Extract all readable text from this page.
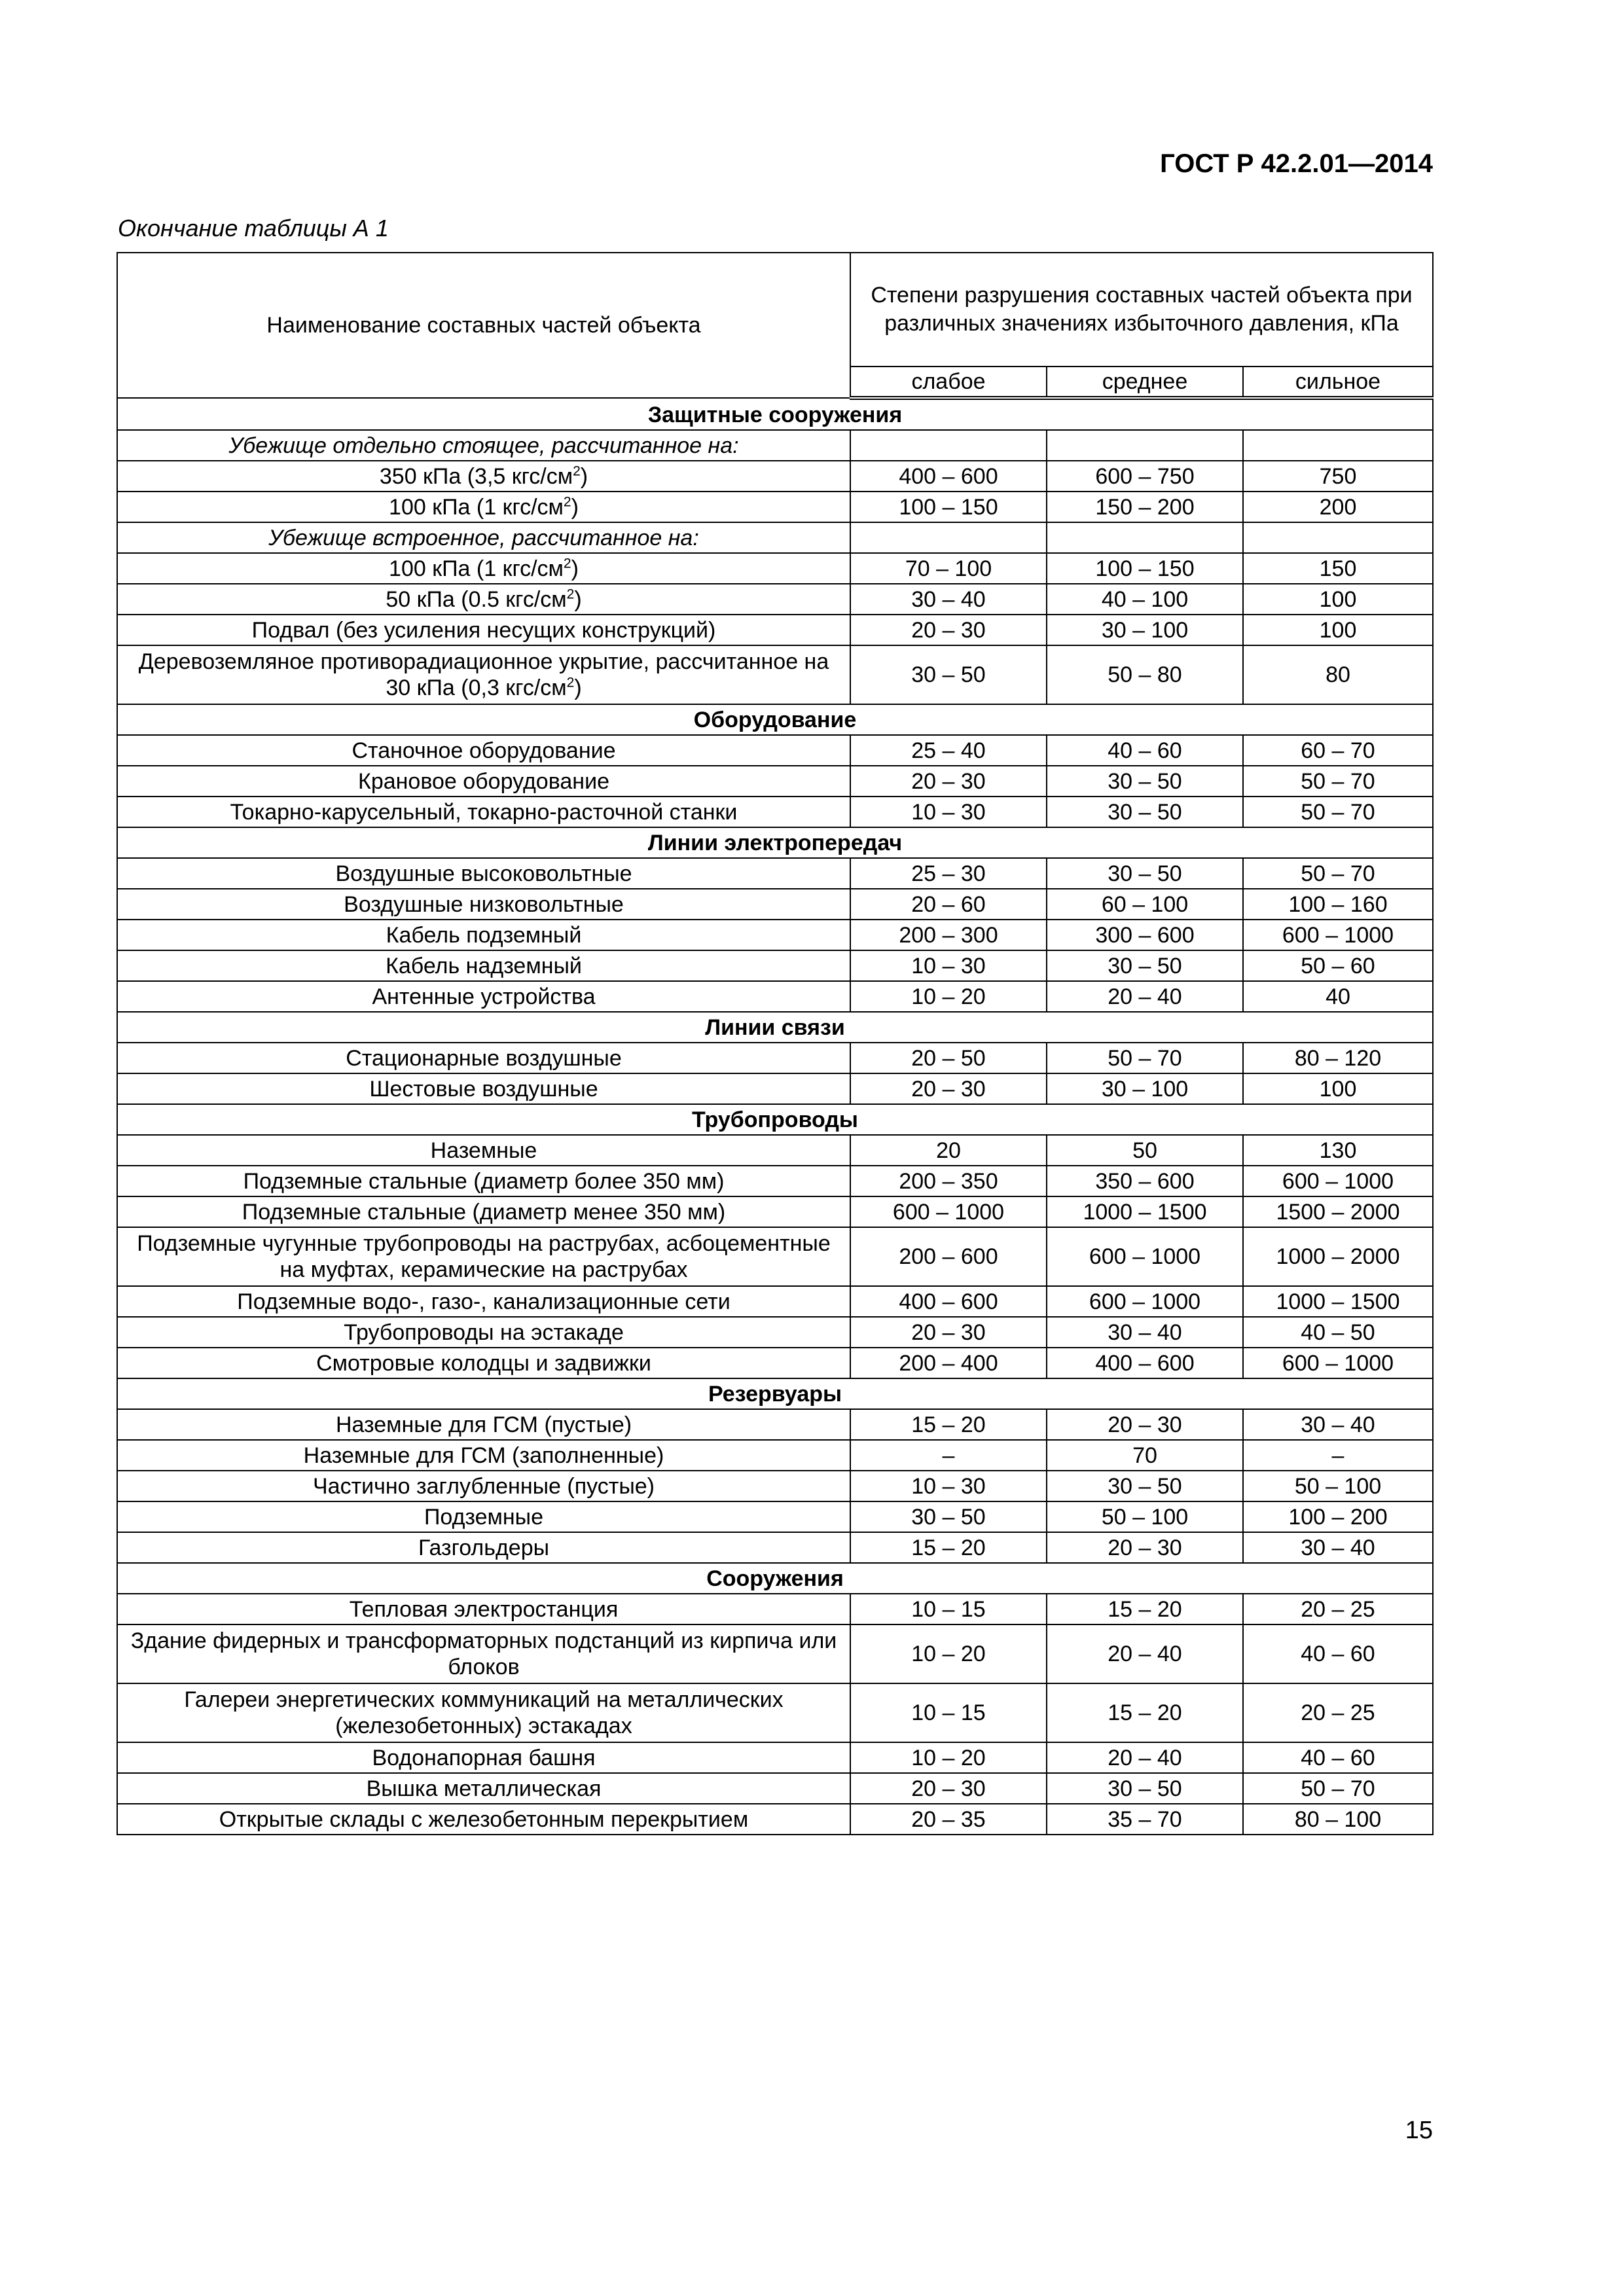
ГОСТ Р 42.2.01—2014
Окончание таблицы А 1
Наименование составных частей объекта	Степени разрушения составных частей объекта при различных значениях избыточного давления, кПа		
	слабое	среднее	сильное
Защитные сооружения			
Убежище отдельно стоящее, рассчитанное на:			
350 кПа (3,5 кгс/$см^2$)	400 – 600	600 – 750	750
100 кПа (1 кгс/$см^2$)	100 – 150	150 – 200	200
Убежище встроенное, рассчитанное на:			
100 кПа (1 кгс/$см^2$)	70 – 100	100 – 150	150
50 кПа (0.5 кгс/$см^2$)	30 – 40	40 – 100	100
Подвал (без усиления несущих конструкций)	20 – 30	30 – 100	100
Деревоземляное противорадиационное укрытие, рассчитанное на 30 кПа (0,3 кгс/$см^2$)	30 – 50	50 – 80	80
Оборудование			
Станочное оборудование	25 – 40	40 – 60	60 – 70
Крановое оборудование	20 – 30	30 – 50	50 – 70
Токарно-карусельный, токарно-расточной станки	10 – 30	30 – 50	50 – 70
Линии электропередач			
Воздушные высоковольтные	25 – 30	30 – 50	50 – 70
Воздушные низковольтные	20 – 60	60 – 100	100 – 160
Кабель подземный	200 – 300	300 – 600	600 – 1000
Кабель надземный	10 – 30	30 – 50	50 – 60
Антенные устройства	10 – 20	20 – 40	40
Линии связи			
Стационарные воздушные	20 – 50	50 – 70	80 – 120
Шестовые воздушные	20 – 30	30 – 100	100
Трубопроводы			
Наземные	20	50	130
Подземные стальные (диаметр более 350 мм)	200 – 350	350 – 600	600 – 1000
Подземные стальные (диаметр менее 350 мм)	600 – 1000	1000 – 1500	1500 – 2000
Подземные чугунные трубопроводы на раструбах, асбоцементные на муфтах, керамические на раструбах	200 – 600	600 – 1000	1000 – 2000
Подземные водо-, газо-, канализационные сети	400 – 600	600 – 1000	1000 – 1500
Трубопроводы на эстакаде	20 – 30	30 – 40	40 – 50
Смотровые колодцы и задвижки	200 – 400	400 – 600	600 – 1000
Резервуары			
Наземные для ГСМ (пустые)	15 – 20	20 – 30	30 – 40
Наземные для ГСМ (заполненные)	–	70	–
Частично заглубленные (пустые)	10 – 30	30 – 50	50 – 100
Подземные	30 – 50	50 – 100	100 – 200
Газгольдеры	15 – 20	20 – 30	30 – 40
Сооружения			
Тепловая электростанция	10 – 15	15 – 20	20 – 25
Здание фидерных и трансформаторных подстанций из кирпича или блоков	10 – 20	20 – 40	40 – 60
Галереи энергетических коммуникаций на металлических (железобетонных) эстакадах	10 – 15	15 – 20	20 – 25
Водонапорная башня	10 – 20	20 – 40	40 – 60
Вышка металлическая	20 – 30	30 – 50	50 – 70
Открытые склады с железобетонным перекрытием	20 – 35	35 – 70	80 – 100
15
